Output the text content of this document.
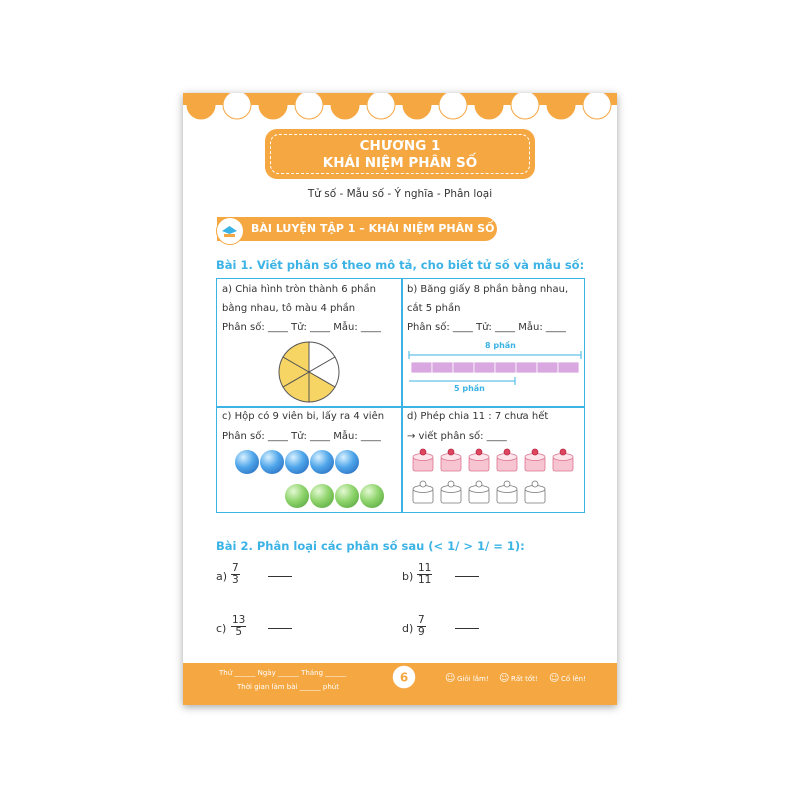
CHƯƠNG 1
KHÁI NIỆM PHÂN SỐ
Tử số - Mẫu số - Ý nghĩa - Phân loại
BÀI LUYỆN TẬP 1 – KHÁI NIỆM PHÂN SỐ
Bài 1. Viết phân số theo mô tả, cho biết tử số và mẫu số:
a) Chia hình tròn thành 6 phần
bằng nhau, tô màu 4 phần
Phân số: ____ Tử: ____ Mẫu: ____
b) Băng giấy 8 phần bằng nhau,
cắt 5 phần
Phân số: ____ Tử: ____ Mẫu: ____
8 phần
5 phần
c) Hộp có 9 viên bi, lấy ra 4 viên
Phân số: ____ Tử: ____ Mẫu: ____
d) Phép chia 11 : 7 chưa hết
→ viết phân số: ____
Bài 2. Phân loại các phân số sau (< 1/ > 1/ = 1):
a)
7
3	b)
11
11
c)
13
5	d)
7
9
Thứ ______ Ngày ______ Tháng ______
Thời gian làm bài ______ phút
☺ Giỏi lắm! ☺ Rất tốt! ☺ Cố lên!
6
